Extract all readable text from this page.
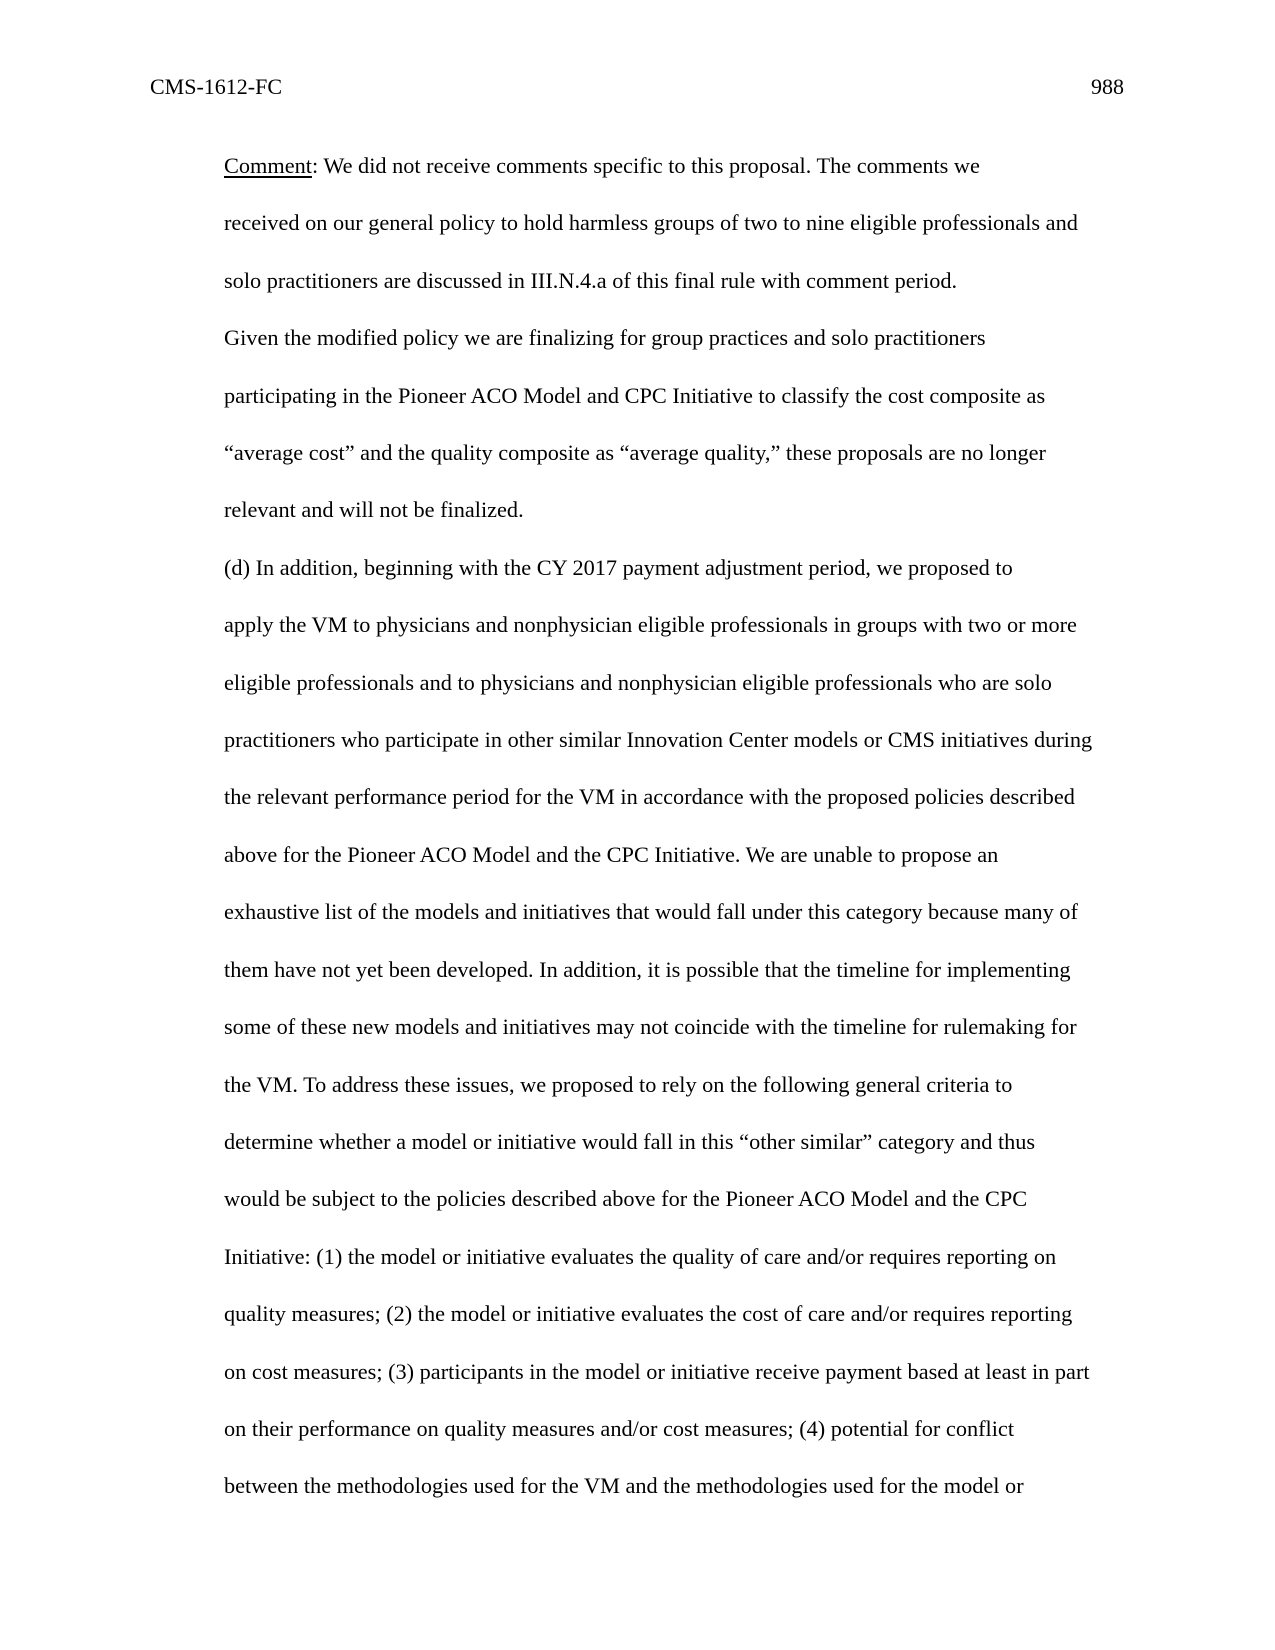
CMS-1612-FC	988

Comment: We did not receive comments specific to this proposal. The comments we
received on our general policy to hold harmless groups of two to nine eligible professionals and
solo practitioners are discussed in III.N.4.a of this final rule with comment period.

Given the modified policy we are finalizing for group practices and solo practitioners
participating in the Pioneer ACO Model and CPC Initiative to classify the cost composite as
“average cost” and the quality composite as “average quality,” these proposals are no longer
relevant and will not be finalized.

(d) In addition, beginning with the CY 2017 payment adjustment period, we proposed to
apply the VM to physicians and nonphysician eligible professionals in groups with two or more
eligible professionals and to physicians and nonphysician eligible professionals who are solo
practitioners who participate in other similar Innovation Center models or CMS initiatives during
the relevant performance period for the VM in accordance with the proposed policies described
above for the Pioneer ACO Model and the CPC Initiative. We are unable to propose an
exhaustive list of the models and initiatives that would fall under this category because many of
them have not yet been developed. In addition, it is possible that the timeline for implementing
some of these new models and initiatives may not coincide with the timeline for rulemaking for
the VM. To address these issues, we proposed to rely on the following general criteria to
determine whether a model or initiative would fall in this “other similar” category and thus
would be subject to the policies described above for the Pioneer ACO Model and the CPC
Initiative: (1) the model or initiative evaluates the quality of care and/or requires reporting on
quality measures; (2) the model or initiative evaluates the cost of care and/or requires reporting
on cost measures; (3) participants in the model or initiative receive payment based at least in part
on their performance on quality measures and/or cost measures; (4) potential for conflict
between the methodologies used for the VM and the methodologies used for the model or
